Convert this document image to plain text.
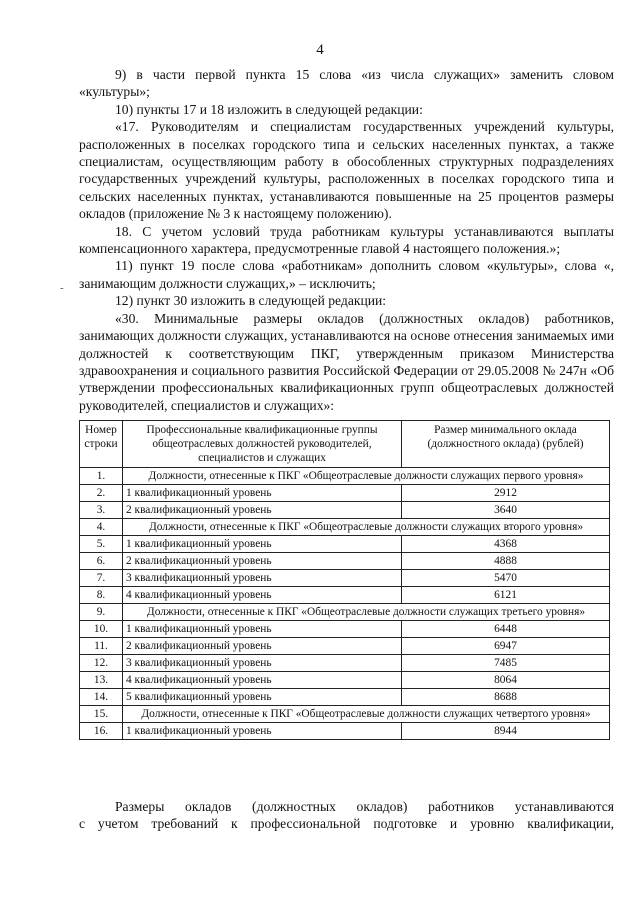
4
-

9) в части первой пункта 15 слова «из числа служащих» заменить словом «культуры»;

10) пункты 17 и 18 изложить в следующей редакции:

«17. Руководителям и специалистам государственных учреждений культуры, расположенных в поселках городского типа и сельских населенных пунктах, а также специалистам, осуществляющим работу в обособленных структурных подразделениях государственных учреждений культуры, расположенных в поселках городского типа и сельских населенных пунктах, устанавливаются повышенные на 25 процентов размеры окладов (приложение № 3 к настоящему положению).

18. С учетом условий труда работникам культуры устанавливаются выплаты компенсационного характера, предусмотренные главой 4 настоящего положения.»;

11) пункт 19 после слова «работникам» дополнить словом «культуры», слова «, занимающим должности служащих,» – исключить;

12) пункт 30 изложить в следующей редакции:

«30. Минимальные размеры окладов (должностных окладов) работников, занимающих должности служащих, устанавливаются на основе отнесения занимаемых ими должностей к соответствующим ПКГ, утвержденным приказом Министерства здравоохранения и социального развития Российской Федерации от 29.05.2008 № 247н «Об утверждении профессиональных квалификационных групп общеотраслевых должностей руководителей, специалистов и служащих»:

Номер строки	Профессиональные квалификационные группы общеотраслевых должностей руководителей, специалистов и служащих	Размер минимального оклада (должностного оклада) (рублей)
1.	Должности, отнесенные к ПКГ «Общеотраслевые должности служащих первого уровня»	
2.	1 квалификационный уровень	2912
3.	2 квалификационный уровень	3640
4.	Должности, отнесенные к ПКГ «Общеотраслевые должности служащих второго уровня»	
5.	1 квалификационный уровень	4368
6.	2 квалификационный уровень	4888
7.	3 квалификационный уровень	5470
8.	4 квалификационный уровень	6121
9.	Должности, отнесенные к ПКГ «Общеотраслевые должности служащих третьего уровня»	
10.	1 квалификационный уровень	6448
11.	2 квалификационный уровень	6947
12.	3 квалификационный уровень	7485
13.	4 квалификационный уровень	8064
14.	5 квалификационный уровень	8688
15.	Должности, отнесенные к ПКГ «Общеотраслевые должности служащих четвертого уровня»	
16.	1 квалификационный уровень	8944

Размеры окладов (должностных окладов) работников устанавливаются

с учетом требований к профессиональной подготовке и уровню квалификации,
